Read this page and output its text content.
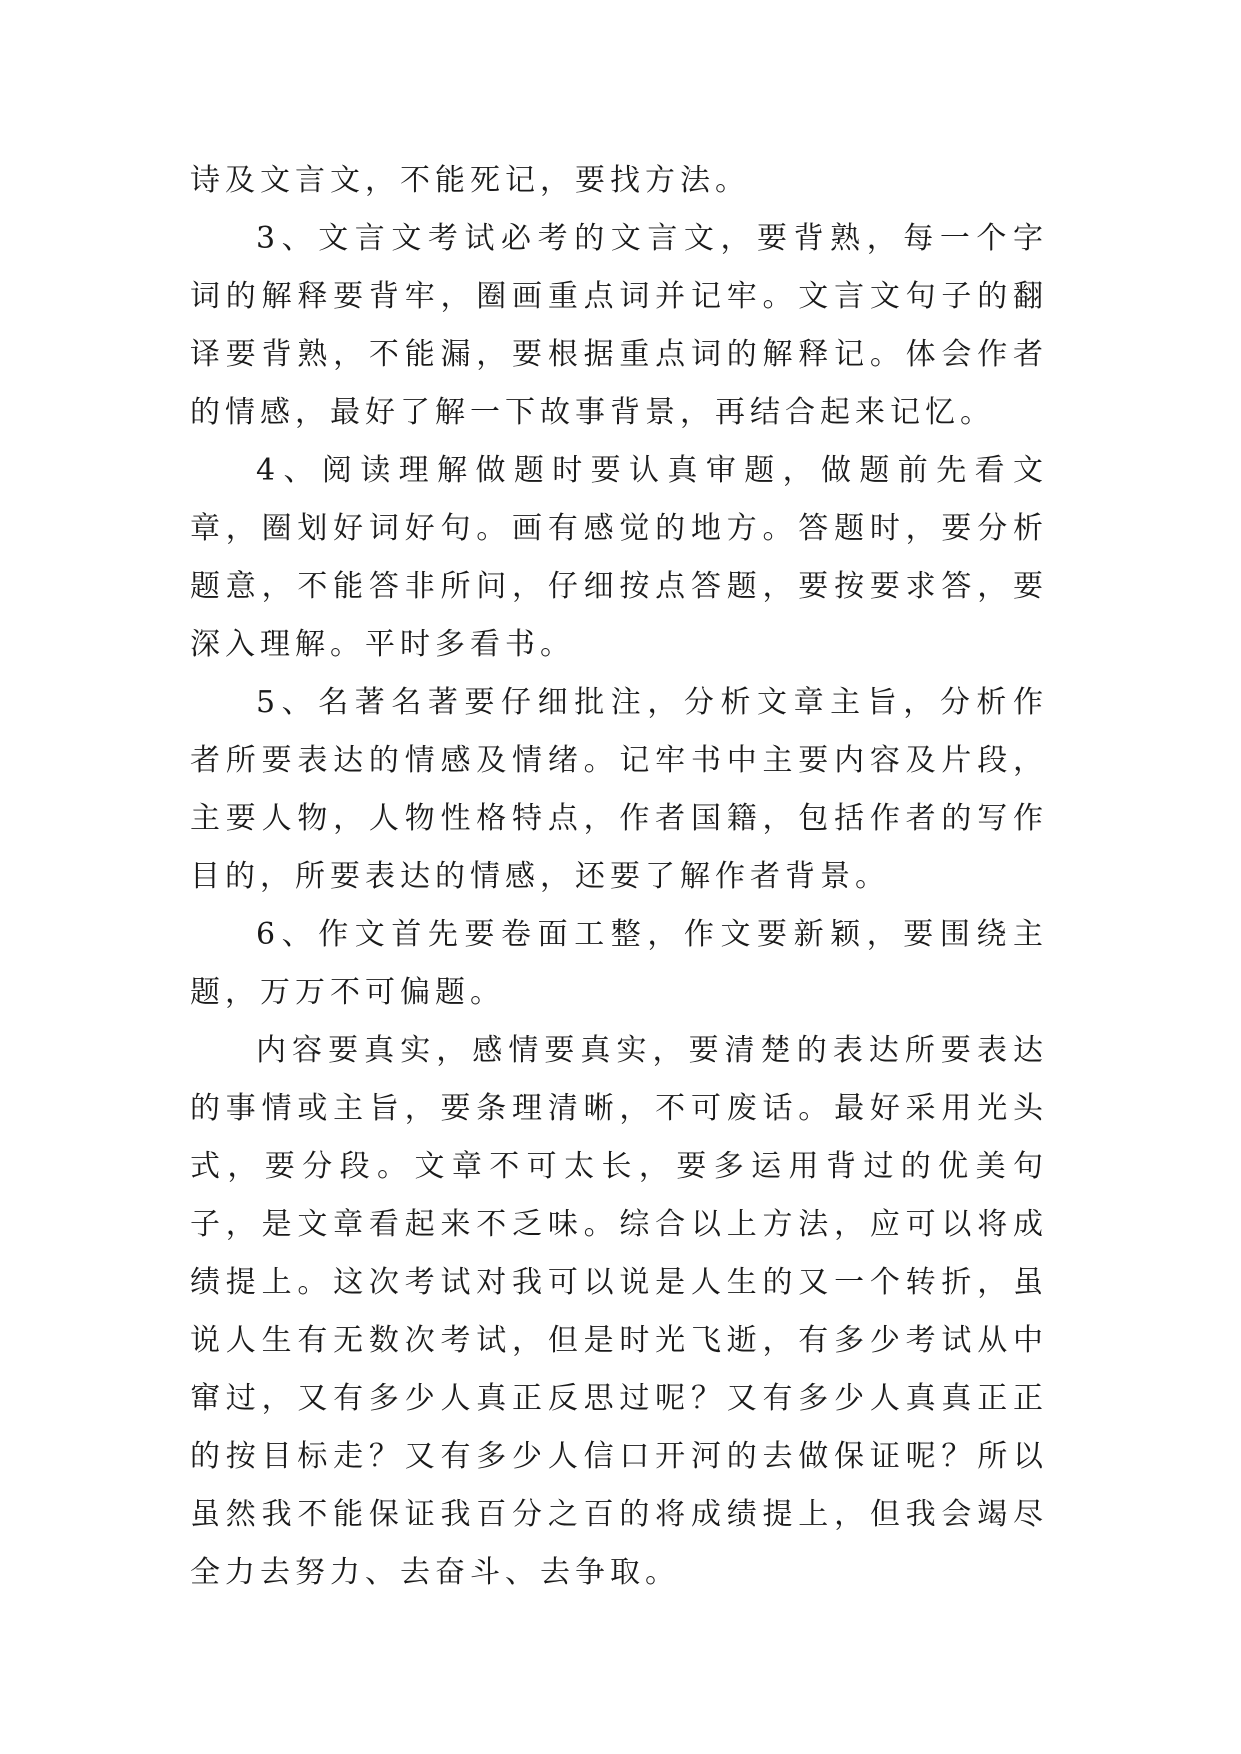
诗及文言文，不能死记，要找方法。

3、文言文考试必考的文言文，要背熟，每一个字词的解释要背牢，圈画重点词并记牢。文言文句子的翻译要背熟，不能漏，要根据重点词的解释记。体会作者的情感，最好了解一下故事背景，再结合起来记忆。

4、阅读理解做题时要认真审题，做题前先看文章，圈划好词好句。画有感觉的地方。答题时，要分析题意，不能答非所问，仔细按点答题，要按要求答，要深入理解。平时多看书。

5、名著名著要仔细批注，分析文章主旨，分析作者所要表达的情感及情绪。记牢书中主要内容及片段，主要人物，人物性格特点，作者国籍，包括作者的写作目的，所要表达的情感，还要了解作者背景。

6、作文首先要卷面工整，作文要新颖，要围绕主题，万万不可偏题。

内容要真实，感情要真实，要清楚的表达所要表达的事情或主旨，要条理清晰，不可废话。最好采用光头式，要分段。文章不可太长，要多运用背过的优美句子，是文章看起来不乏味。综合以上方法，应可以将成绩提上。这次考试对我可以说是人生的又一个转折，虽说人生有无数次考试，但是时光飞逝，有多少考试从中窜过，又有多少人真正反思过呢？又有多少人真真正正的按目标走？又有多少人信口开河的去做保证呢？所以虽然我不能保证我百分之百的将成绩提上，但我会竭尽全力去努力、去奋斗、去争取。
